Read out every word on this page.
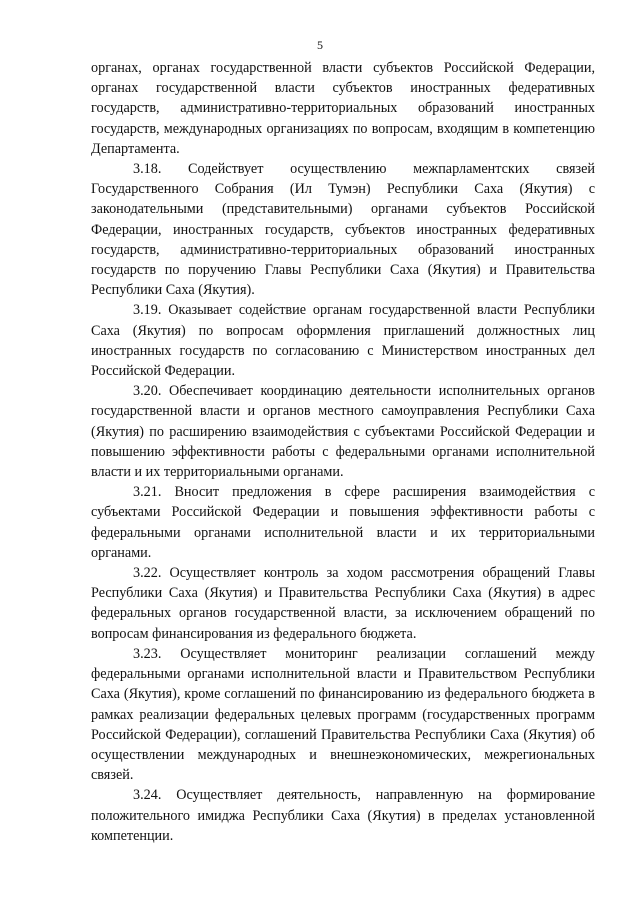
5

органах, органах государственной власти субъектов Российской Федерации, органах государственной власти субъектов иностранных федеративных государств, административно-территориальных образований иностранных государств, международных организациях по вопросам, входящим в компетенцию Департамента.

3.18. Содействует осуществлению межпарламентских связей Государственного Собрания (Ил Тумэн) Республики Саха (Якутия) с законодательными (представительными) органами субъектов Российской Федерации, иностранных государств, субъектов иностранных федеративных государств, административно-территориальных образований иностранных государств по поручению Главы Республики Саха (Якутия) и Правительства Республики Саха (Якутия).

3.19. Оказывает содействие органам государственной власти Республики Саха (Якутия) по вопросам оформления приглашений должностных лиц иностранных государств по согласованию с Министерством иностранных дел Российской Федерации.

3.20. Обеспечивает координацию деятельности исполнительных органов государственной власти и органов местного самоуправления Республики Саха (Якутия) по расширению взаимодействия с субъектами Российской Федерации и повышению эффективности работы с федеральными органами исполнительной власти и их территориальными органами.

3.21. Вносит предложения в сфере расширения взаимодействия с субъектами Российской Федерации и повышения эффективности работы с федеральными органами исполнительной власти и их территориальными органами.

3.22. Осуществляет контроль за ходом рассмотрения обращений Главы Республики Саха (Якутия) и Правительства Республики Саха (Якутия) в адрес федеральных органов государственной власти, за исключением обращений по вопросам финансирования из федерального бюджета.

3.23. Осуществляет мониторинг реализации соглашений между федеральными органами исполнительной власти и Правительством Республики Саха (Якутия), кроме соглашений по финансированию из федерального бюджета в рамках реализации федеральных целевых программ (государственных программ Российской Федерации), соглашений Правительства Республики Саха (Якутия) об осуществлении международных и внешнеэкономических, межрегиональных связей.

3.24. Осуществляет деятельность, направленную на формирование положительного имиджа Республики Саха (Якутия) в пределах установленной компетенции.
